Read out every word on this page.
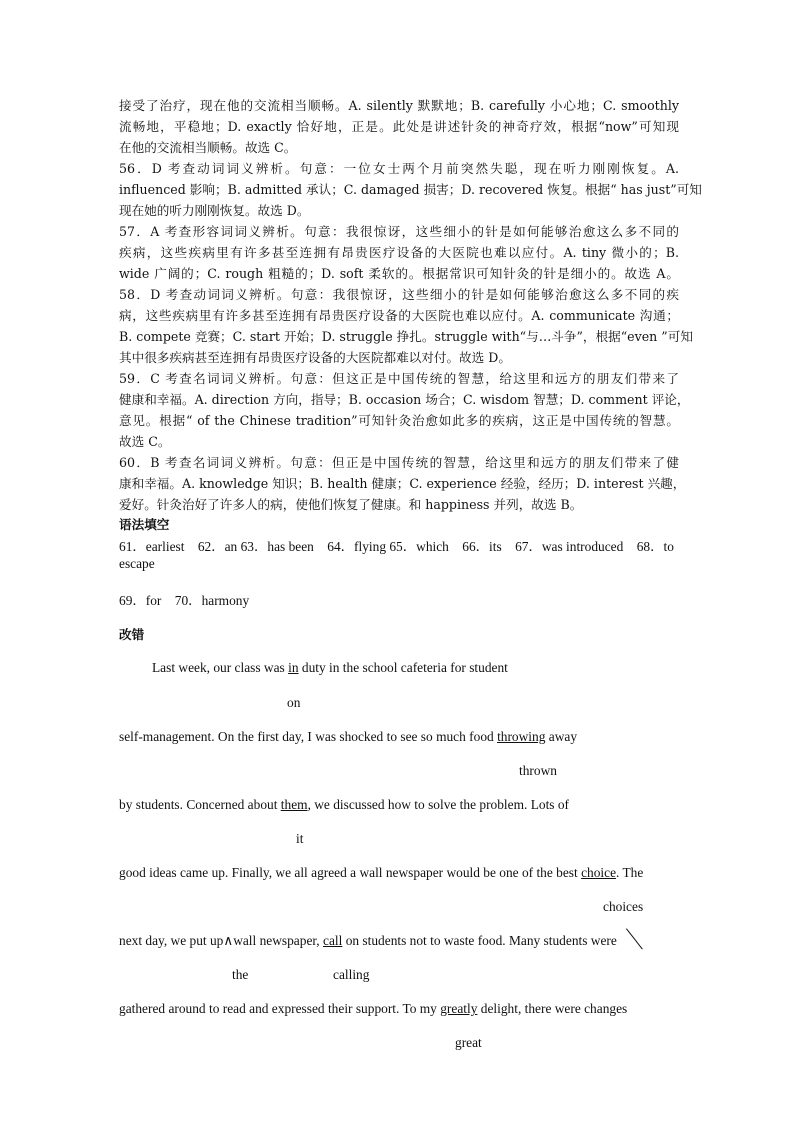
接受了治疗，现在他的交流相当顺畅。A. silently 默默地；B. carefully 小心地；C. smoothly
流畅地，平稳地；D. exactly 恰好地，正是。此处是讲述针灸的神奇疗效，根据“now”可知现
在他的交流相当顺畅。故选 C。
56．D 考查动词词义辨析。句意：一位女士两个月前突然失聪，现在听力刚刚恢复。A.
influenced 影响；B. admitted 承认；C. damaged 损害；D. recovered 恢复。根据“ has just”可知
现在她的听力刚刚恢复。故选 D。
57．A 考查形容词词义辨析。句意：我很惊讶，这些细小的针是如何能够治愈这么多不同的
疾病，这些疾病里有许多甚至连拥有昂贵医疗设备的大医院也难以应付。A. tiny 微小的；B.
wide 广阔的；C. rough 粗糙的；D. soft 柔软的。根据常识可知针灸的针是细小的。故选 A。
58．D 考查动词词义辨析。句意：我很惊讶，这些细小的针是如何能够治愈这么多不同的疾
病，这些疾病里有许多甚至连拥有昂贵医疗设备的大医院也难以应付。A. communicate 沟通；
B. compete 竞赛；C. start 开始；D. struggle 挣扎。struggle with“与…斗争”，根据“even ”可知
其中很多疾病甚至连拥有昂贵医疗设备的大医院都难以对付。故选 D。
59．C 考查名词词义辨析。句意：但这正是中国传统的智慧，给这里和远方的朋友们带来了
健康和幸福。A. direction 方向，指导；B. occasion 场合；C. wisdom 智慧；D. comment 评论，
意见。根据“ of the Chinese tradition”可知针灸治愈如此多的疾病，这正是中国传统的智慧。
故选 C。
60．B 考查名词词义辨析。句意：但正是中国传统的智慧，给这里和远方的朋友们带来了健
康和幸福。A. knowledge 知识；B. health 健康；C. experience 经验，经历；D. interest 兴趣，
爱好。针灸治好了许多人的病，使他们恢复了健康。和 happiness 并列，故选 B。
语法填空
61．earliest    62．an 63．has been    64．flying 65．which    66．its    67．was introduced    68．to
escape
69．for    70．harmony
改错
Last week, our class was in duty in the school cafeteria for student
on
self-management. On the first day, I was shocked to see so much food throwing away
thrown
by students. Concerned about them, we discussed how to solve the problem. Lots of
it
good ideas came up. Finally, we all agreed a wall newspaper would be one of the best choice. The
choices
next day, we put up∧wall newspaper, call on students not to waste food. Many students were
the	calling
gathered around to read and expressed their support. To my greatly delight, there were changes
great
